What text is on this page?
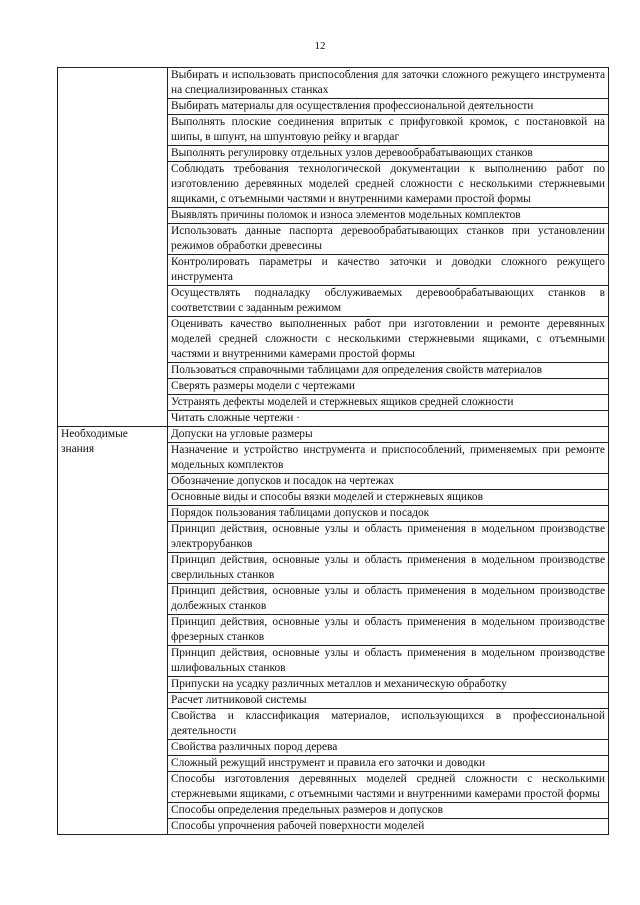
12
	Выбирать и использовать приспособления для заточки сложного режущего инструмента на специализированных станках
	Выбирать материалы для осуществления профессиональной деятельности
	Выполнять плоские соединения впритык с прифуговкой кромок, с постановкой на шипы, в шпунт, на шпунтовую рейку и вгардаг
	Выполнять регулировку отдельных узлов деревообрабатывающих станков
	Соблюдать требования технологической документации к выполнению работ по изготовлению деревянных моделей средней сложности с несколькими стержневыми ящиками, с отъемными частями и внутренними камерами простой формы
	Выявлять причины поломок и износа элементов модельных комплектов
	Использовать данные паспорта деревообрабатывающих станков при установлении режимов обработки древесины
	Контролировать параметры и качество заточки и доводки сложного режущего инструмента
	Осуществлять подналадку обслуживаемых деревообрабатывающих станков в соответствии с заданным режимом
	Оценивать качество выполненных работ при изготовлении и ремонте деревянных моделей средней сложности с несколькими стержневыми ящиками, с отъемными частями и внутренними камерами простой формы
	Пользоваться справочными таблицами для определения свойств материалов
	Сверять размеры модели с чертежами
	Устранять дефекты моделей и стержневых ящиков средней сложности
	Читать сложные чертежи ·

Необходимые
знания	Допуски на угловые размеры
	Назначение и устройство инструмента и приспособлений, применяемых при ремонте модельных комплектов
	Обозначение допусков и посадок на чертежах
	Основные виды и способы вязки моделей и стержневых ящиков
	Порядок пользования таблицами допусков и посадок
	Принцип действия, основные узлы и область применения в модельном производстве электрорубанков
	Принцип действия, основные узлы и область применения в модельном производстве сверлильных станков
	Принцип действия, основные узлы и область применения в модельном производстве долбежных станков
	Принцип действия, основные узлы и область применения в модельном производстве фрезерных станков
	Принцип действия, основные узлы и область применения в модельном производстве шлифовальных станков
	Припуски на усадку различных металлов и механическую обработку
	Расчет литниковой системы
	Свойства и классификация материалов, использующихся в профессиональной деятельности
	Свойства различных пород дерева
	Сложный режущий инструмент и правила его заточки и доводки
	Способы изготовления деревянных моделей средней сложности с несколькими стержневыми ящиками, с отъемными частями и внутренними камерами простой формы
	Способы определения предельных размеров и допусков
	Способы упрочнения рабочей поверхности моделей
